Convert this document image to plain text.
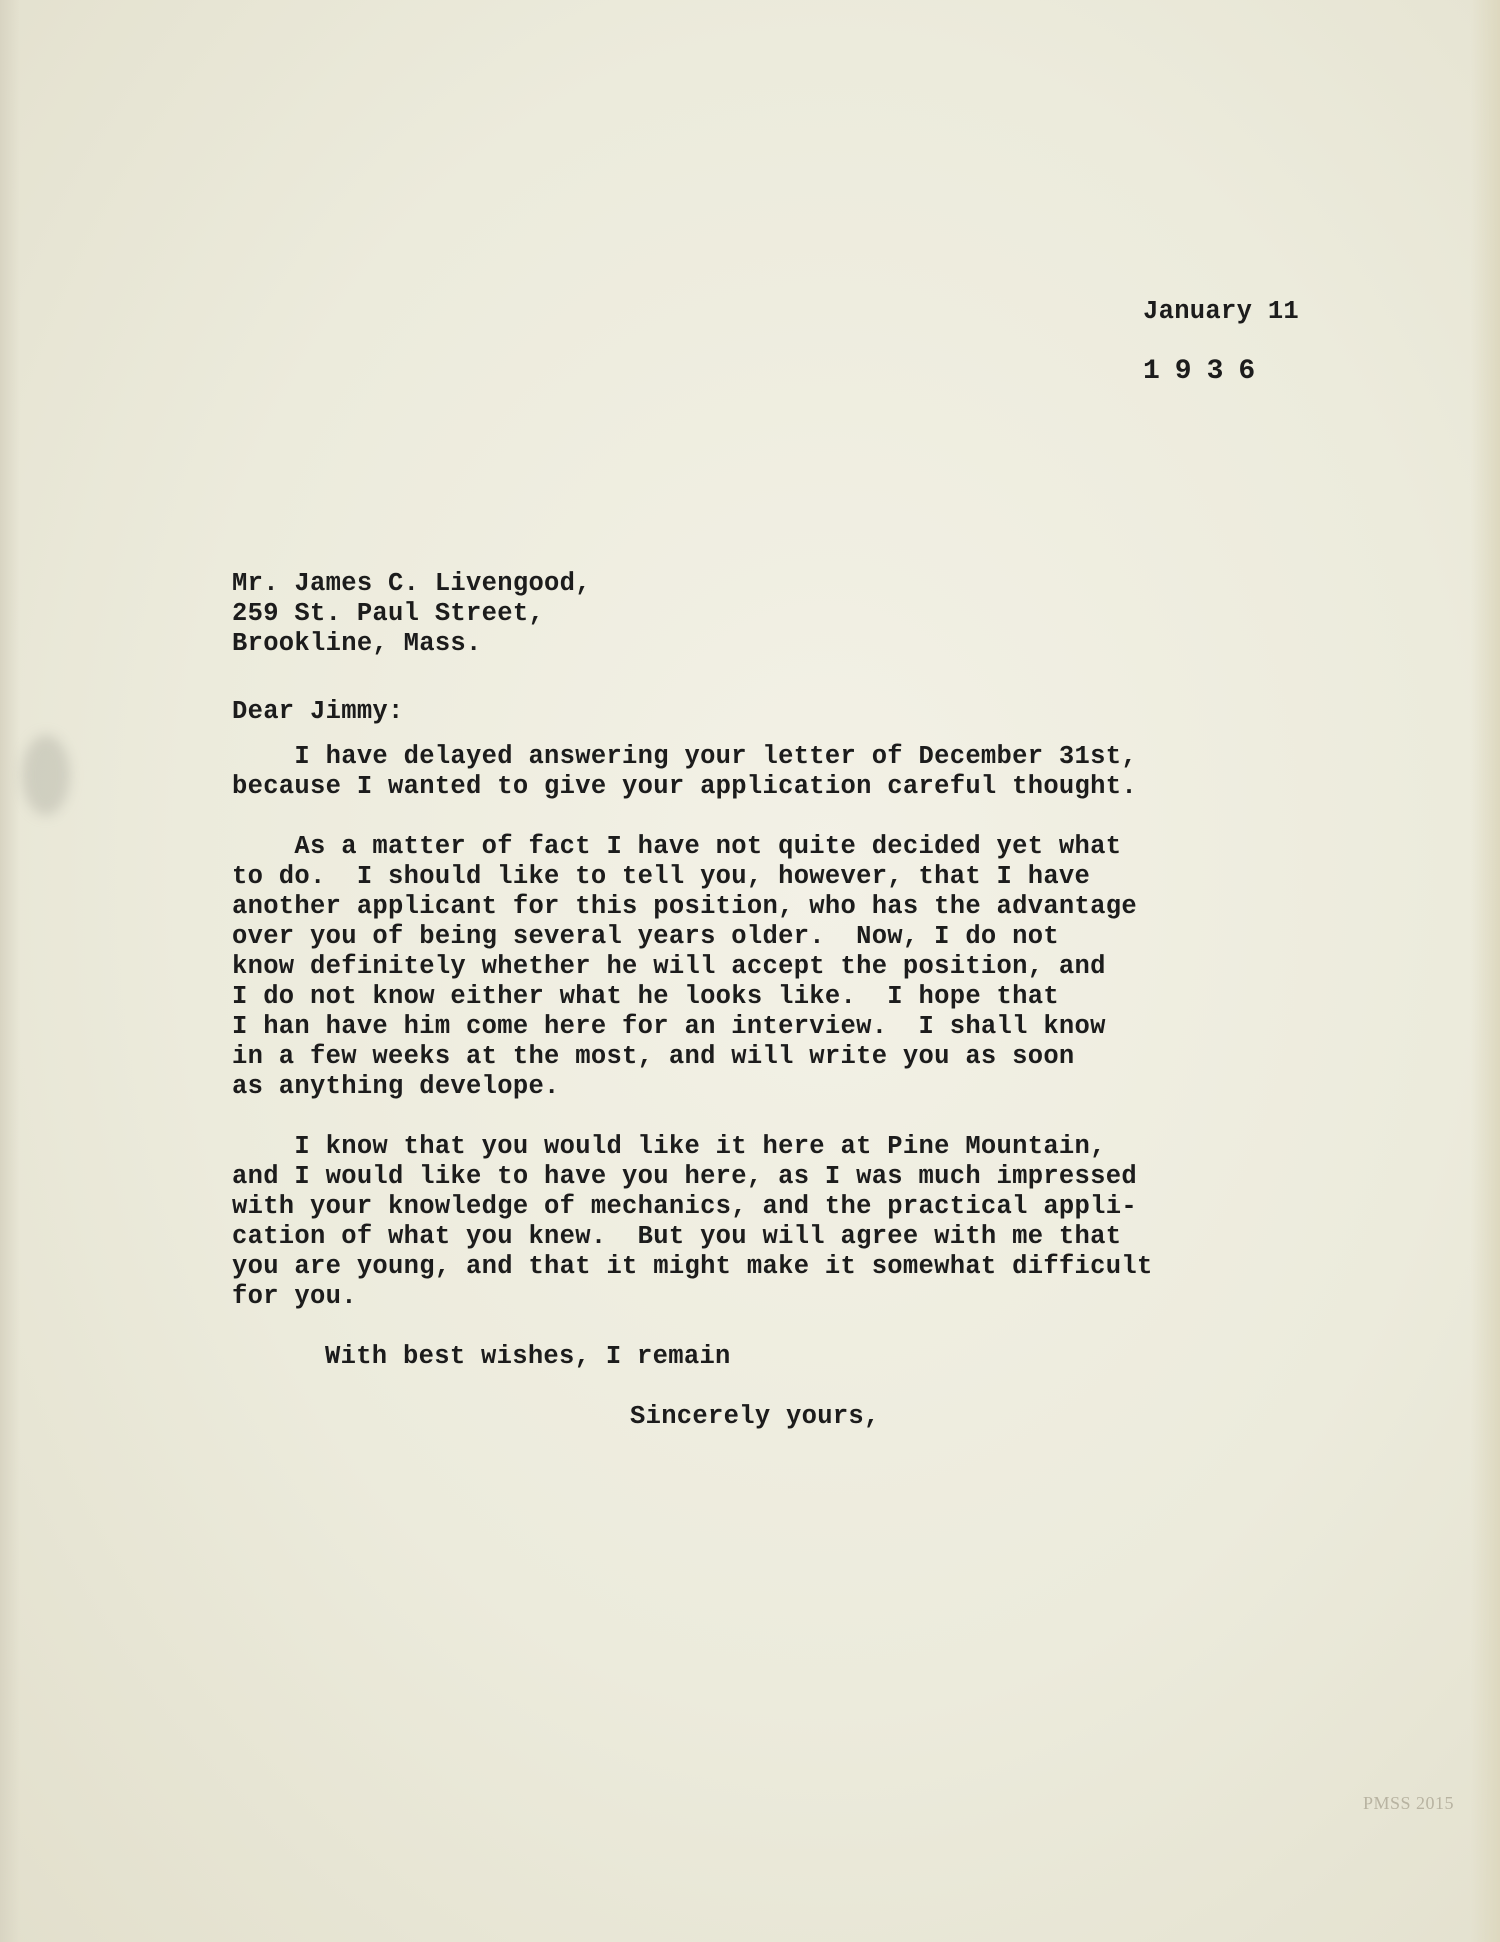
January 11
1936
Mr. James C. Livengood,
259 St. Paul Street,
Brookline, Mass.
Dear Jimmy:
I have delayed answering your letter of December 31st,
because I wanted to give your application careful thought.
As a matter of fact I have not quite decided yet what
to do.  I should like to tell you, however, that I have
another applicant for this position, who has the advantage
over you of being several years older.  Now, I do not
know definitely whether he will accept the position, and
I do not know either what he looks like.  I hope that
I han have him come here for an interview.  I shall know
in a few weeks at the most, and will write you as soon
as anything develope.
I know that you would like it here at Pine Mountain,
and I would like to have you here, as I was much impressed
with your knowledge of mechanics, and the practical appli-
cation of what you knew.  But you will agree with me that
you are young, and that it might make it somewhat difficult
for you.
With best wishes, I remain
Sincerely yours,
PMSS 2015
